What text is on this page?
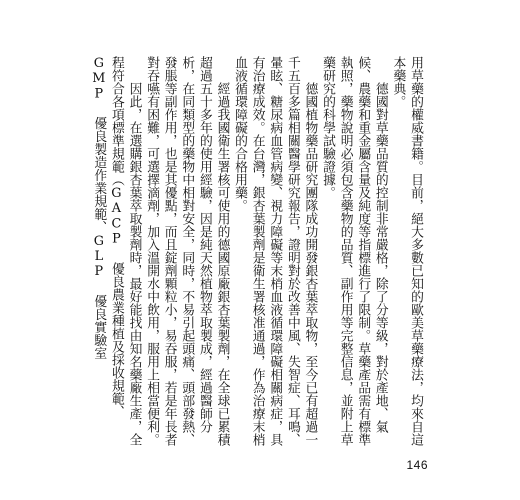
用草藥的權威書籍。目前，絕大多數已知的歐美草藥療法，均來自這本藥典。

德國對草藥品質的控制非常嚴格，除了分等級，對於產地、氣候、農藥和重金屬含量及純度等指標進行了限制。草藥產品需有標準執照，藥物說明必須包含藥物的品質、副作用等完整信息，並附上草藥研究的科學試驗證據。

德國植物藥品研究團隊成功開發銀杏葉萃取物，至今已有超過一千五百多篇相關醫學研究報告，證明對於改善中風、失智症、耳鳴、暈眩、糖尿病血管病變、視力障礙等末梢血液循環障礙相關病症，具有治療成效。在台灣，銀杏葉製劑是衛生署核准通過，作為治療末梢血液循環障礙的合格用藥。

經過我國衛生署核可使用的德國原廠銀杏葉製劑，在全球已累積超過五十多年的使用經驗，因是純天然植物萃取製成，經過醫師分析，在同類型的藥物中相對安全，同時，不易引起頭痛、頭部發熱、發脹等副作用，也是其優點，而且錠劑顆粒小，易吞服，若是年長者對吞嚥有困難，可選擇滴劑，加入溫開水中飲用，服用上相當便利。

因此，在選購銀杏葉萃取製劑時，最好能找由知名藥廠生產，全程符合各項標準規範（GACP 優良農業種植及採收規範、GMP 優良製造作業規範、GLP 優良實驗室

146
